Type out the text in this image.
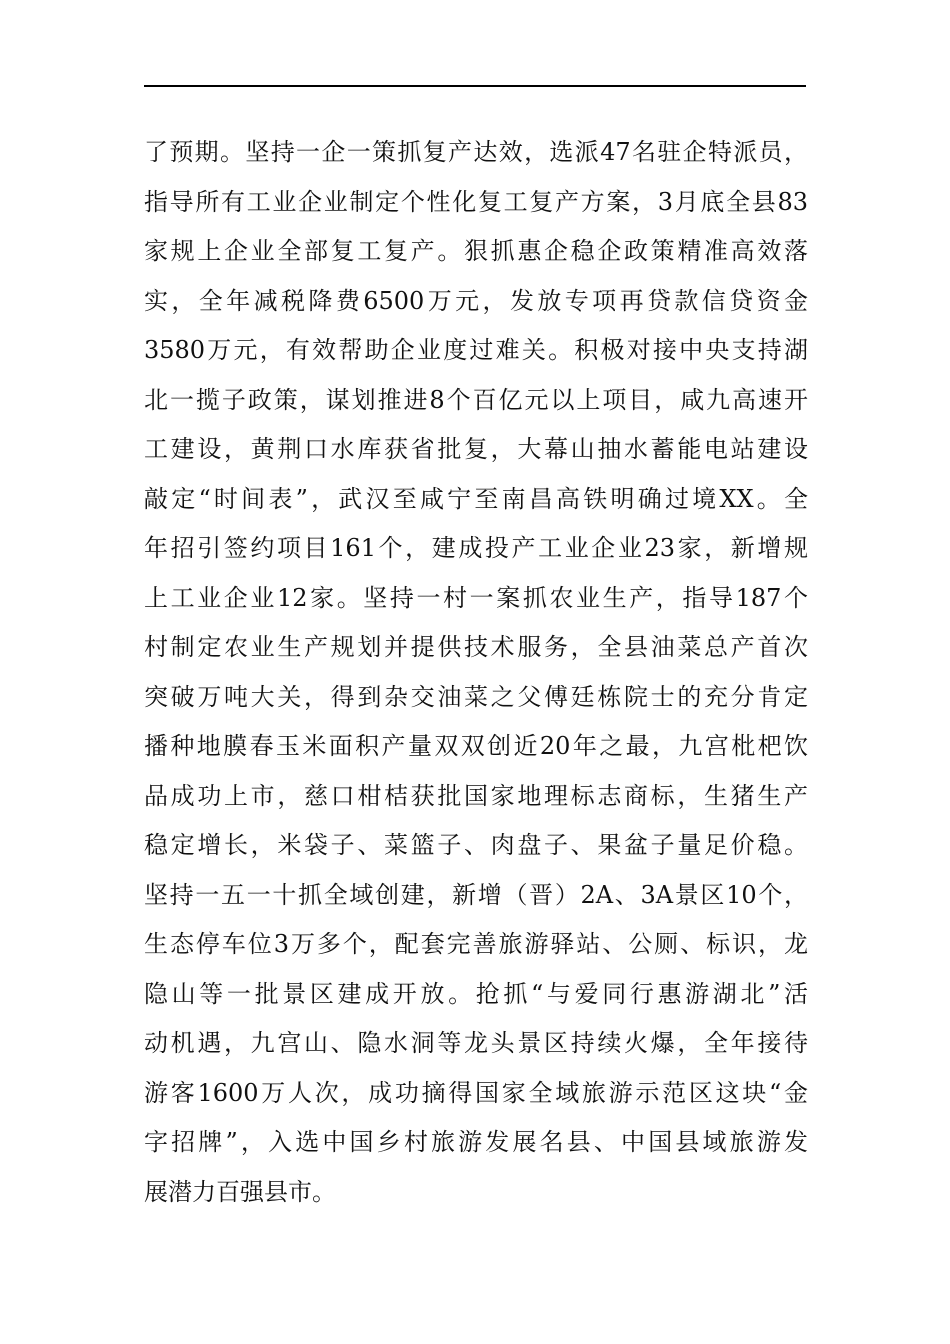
了预期。坚持一企一策抓复产达效，选派47名驻企特派员，
指导所有工业企业制定个性化复工复产方案，3月底全县83
家规上企业全部复工复产。狠抓惠企稳企政策精准高效落
实，全年减税降费6500万元，发放专项再贷款信贷资金
3580万元，有效帮助企业度过难关。积极对接中央支持湖
北一揽子政策，谋划推进8个百亿元以上项目，咸九高速开
工建设，黄荆口水库获省批复，大幕山抽水蓄能电站建设
敲定“时间表”，武汉至咸宁至南昌高铁明确过境XX。全
年招引签约项目161个，建成投产工业企业23家，新增规
上工业企业12家。坚持一村一案抓农业生产，指导187个
村制定农业生产规划并提供技术服务，全县油菜总产首次
突破万吨大关，得到杂交油菜之父傅廷栋院士的充分肯定
播种地膜春玉米面积产量双双创近20年之最，九宫枇杷饮
品成功上市，慈口柑桔获批国家地理标志商标，生猪生产
稳定增长，米袋子、菜篮子、肉盘子、果盆子量足价稳。
坚持一五一十抓全域创建，新增（晋）2A、3A景区10个，
生态停车位3万多个，配套完善旅游驿站、公厕、标识，龙
隐山等一批景区建成开放。抢抓“与爱同行惠游湖北”活
动机遇，九宫山、隐水洞等龙头景区持续火爆，全年接待
游客1600万人次，成功摘得国家全域旅游示范区这块“金
字招牌”，入选中国乡村旅游发展名县、中国县域旅游发
展潜力百强县市。
